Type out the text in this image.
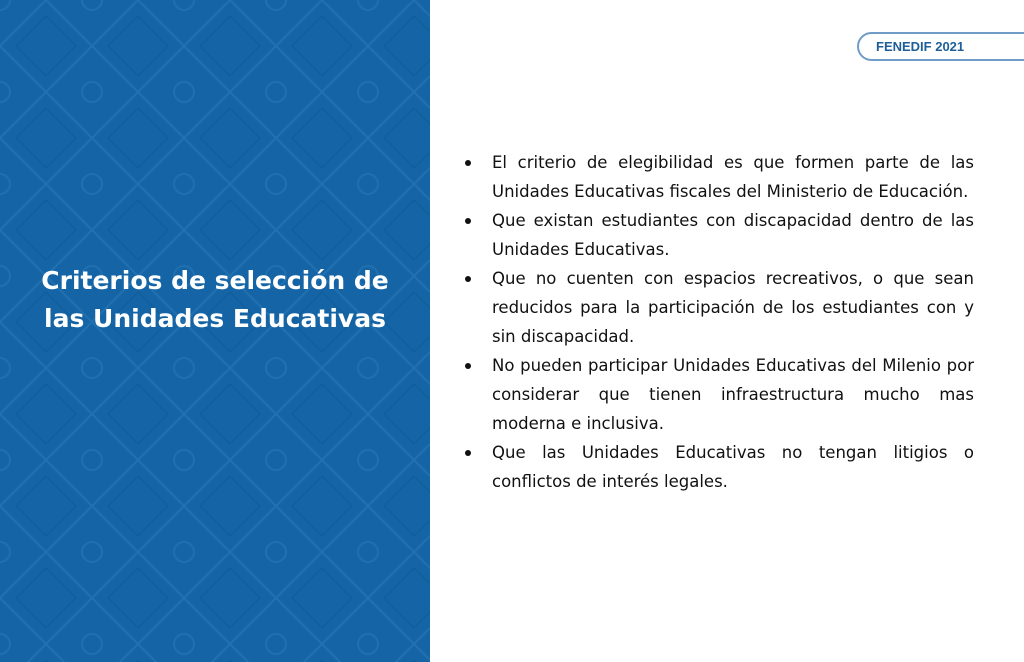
Criterios de selección de las Unidades Educativas
FENEDIF 2021
El criterio de elegibilidad es que formen parte de las Unidades Educativas fiscales del Ministerio de Educación.
Que existan estudiantes con discapacidad dentro de las Unidades Educativas.
Que no cuenten con espacios recreativos, o que sean reducidos para la participación de los estudiantes con y sin discapacidad.
No pueden participar Unidades Educativas del Milenio por considerar que tienen infraestructura mucho mas moderna e inclusiva.
Que las Unidades Educativas no tengan litigios o conflictos de interés legales.
